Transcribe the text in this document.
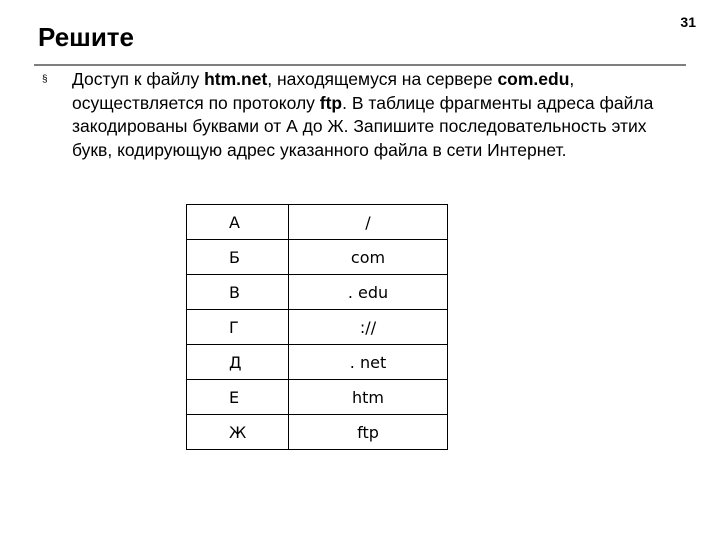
31
Решите
§	Доступ к файлу htm.net, находящемуся на сервере com.edu, осуществляется по протоколу ftp. В таблице фрагменты адреса файла закодированы буквами от А до Ж. Запишите последовательность этих букв, кодирующую адрес указанного файла в сети Интернет.
А	/
Б	com
В	. edu
Г	://
Д	. net
Е	htm
Ж	ftp
